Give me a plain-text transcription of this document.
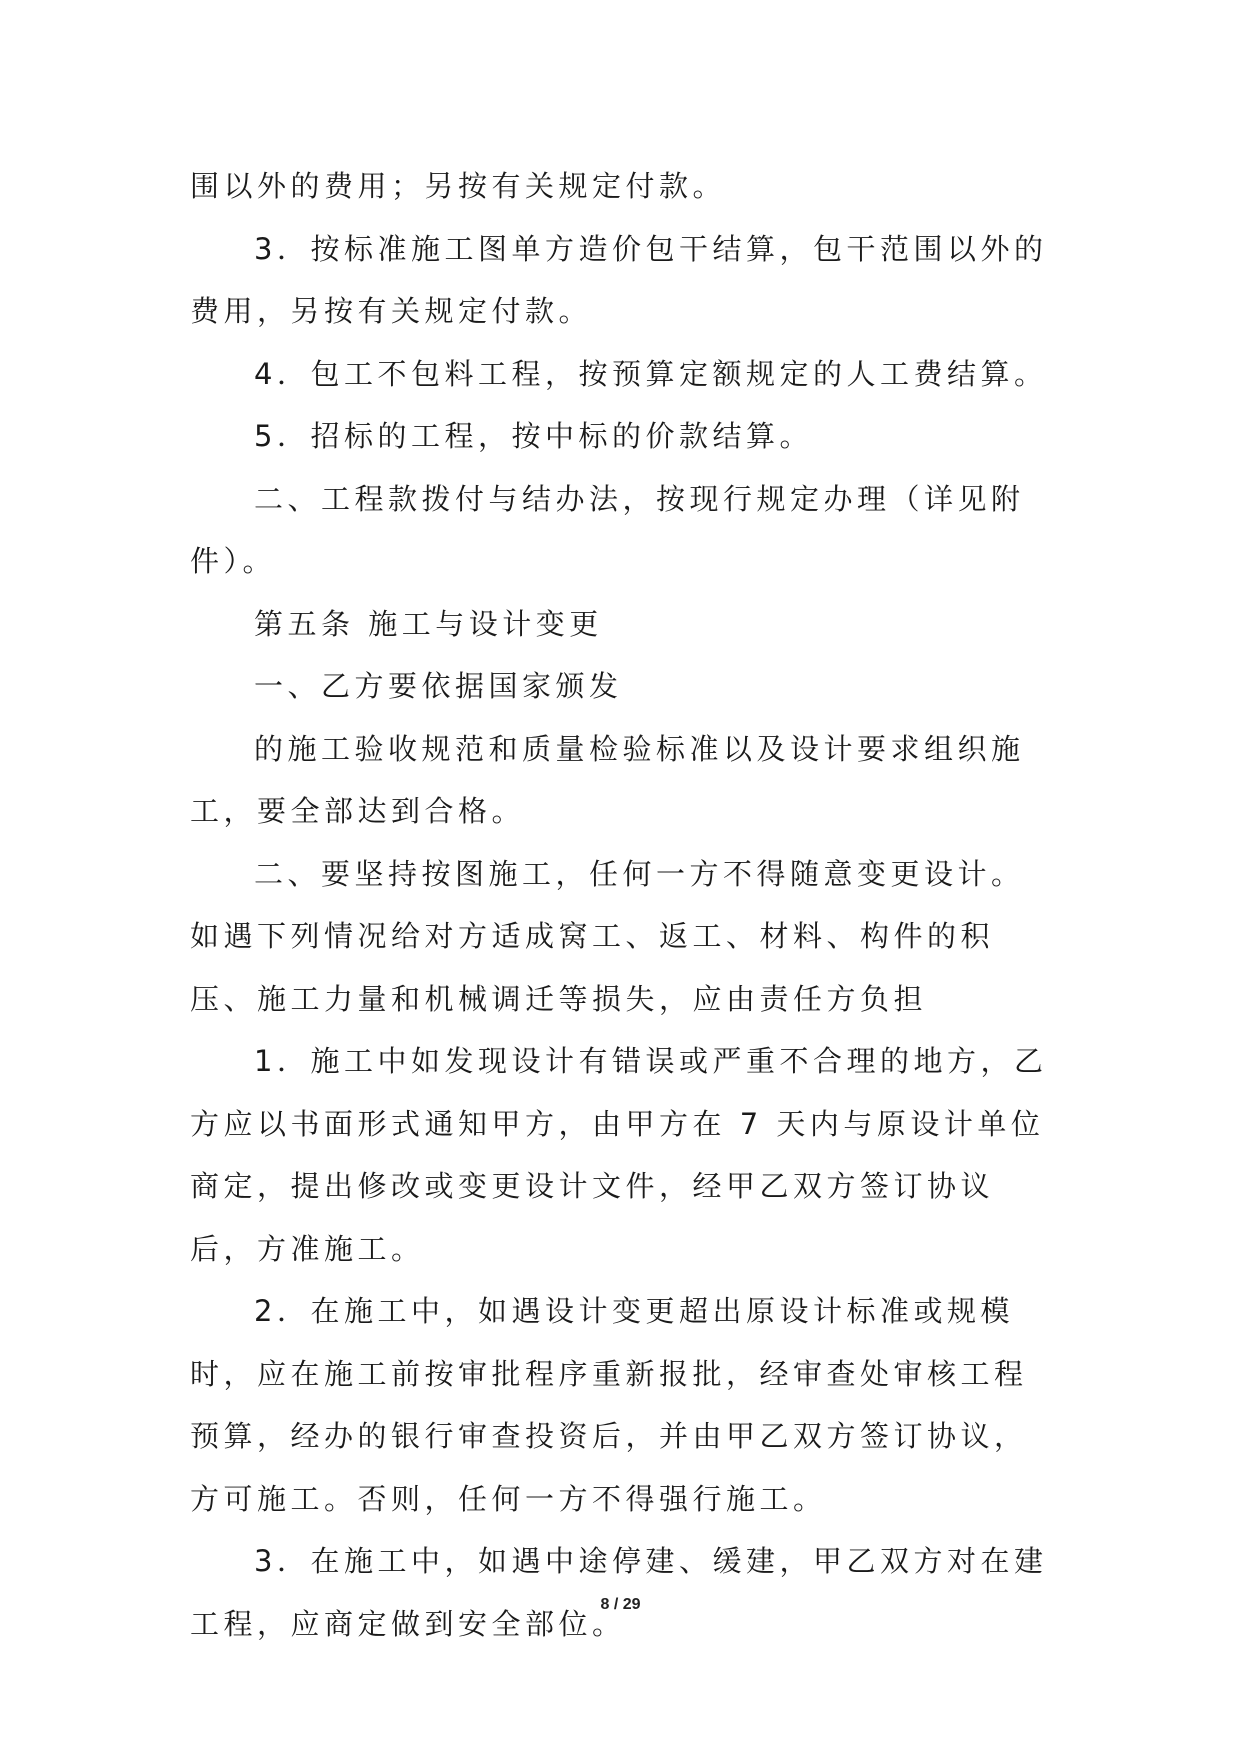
围以外的费用；另按有关规定付款。

3．按标准施工图单方造价包干结算，包干范围以外的费用，另按有关规定付款。

4．包工不包料工程，按预算定额规定的人工费结算。

5．招标的工程，按中标的价款结算。

二、工程款拨付与结办法，按现行规定办理（详见附件）。

第五条 施工与设计变更

一、乙方要依据国家颁发

的施工验收规范和质量检验标准以及设计要求组织施工，要全部达到合格。

二、要坚持按图施工，任何一方不得随意变更设计。如遇下列情况给对方适成窝工、返工、材料、构件的积压、施工力量和机械调迁等损失，应由责任方负担

1．施工中如发现设计有错误或严重不合理的地方，乙方应以书面形式通知甲方，由甲方在 7 天内与原设计单位商定，提出修改或变更设计文件，经甲乙双方签订协议后，方准施工。

2．在施工中，如遇设计变更超出原设计标准或规模时，应在施工前按审批程序重新报批，经审查处审核工程预算，经办的银行审查投资后，并由甲乙双方签订协议，方可施工。否则，任何一方不得强行施工。

3．在施工中，如遇中途停建、缓建，甲乙双方对在建工程，应商定做到安全部位。

8 / 29
